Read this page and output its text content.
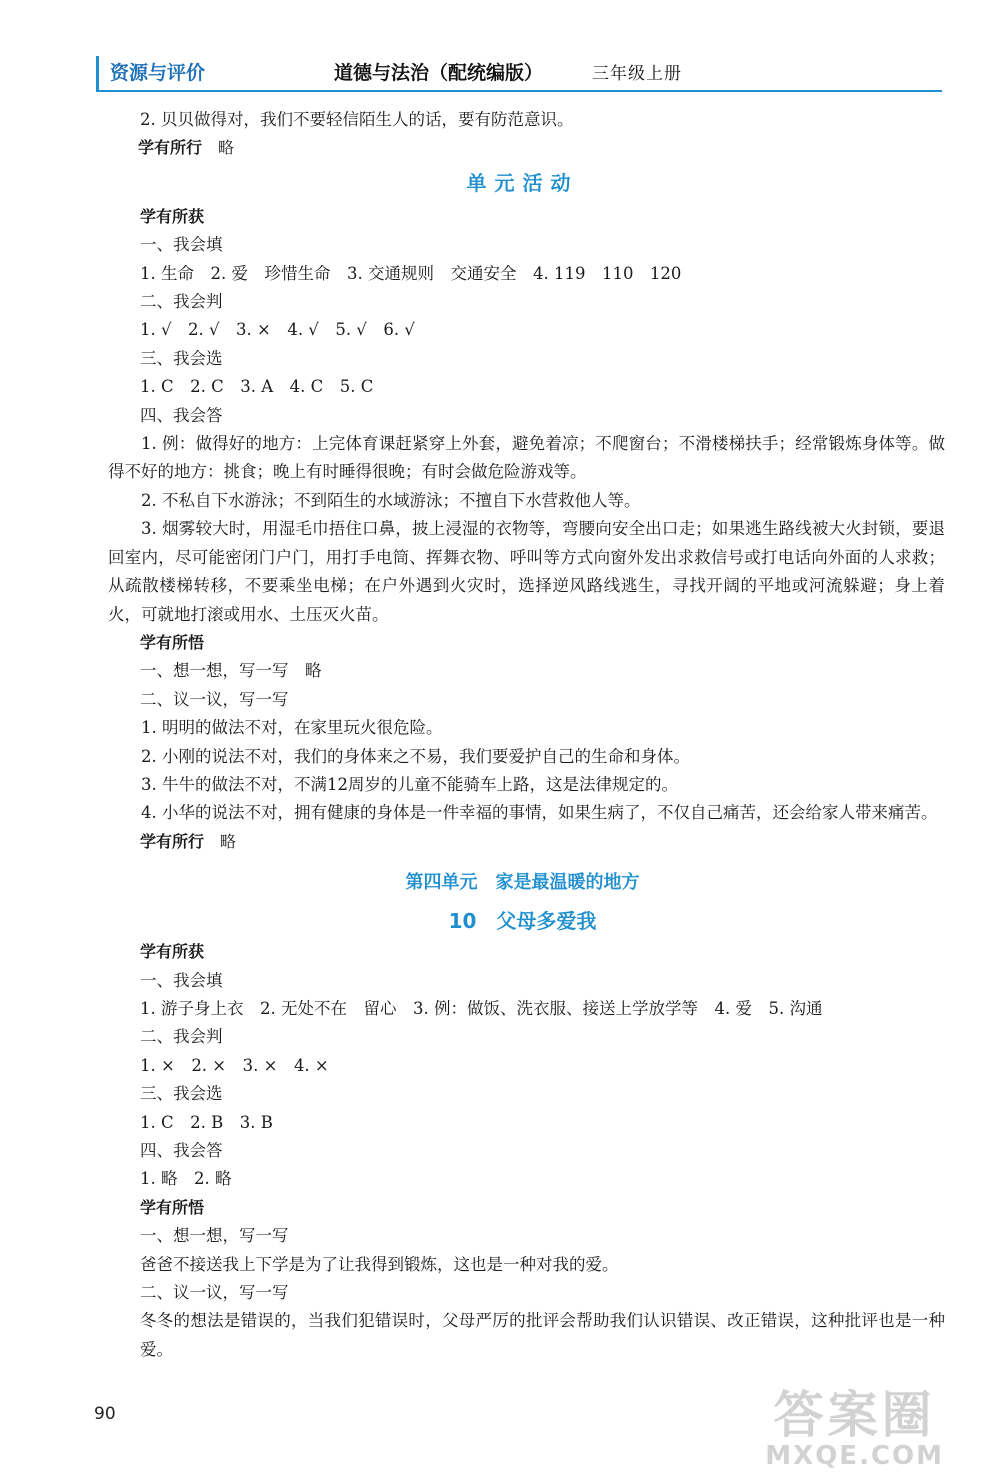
资源与评价	道德与法治（配统编版）	三年级上册
2. 贝贝做得对，我们不要轻信陌生人的话，要有防范意识。
学有所行 略
单元活动
学有所获
一、我会填
1. 生命　2. 爱　珍惜生命　3. 交通规则　交通安全　4. 119　110　120
二、我会判
1. √　2. √　3. ×　4. √　5. √　6. √
三、我会选
1. C　2. C　3. A　4. C　5. C
四、我会答
1. 例：做得好的地方：上完体育课赶紧穿上外套，避免着凉；不爬窗台；不滑楼梯扶手；经常锻炼身体等。做得不好的地方：挑食；晚上有时睡得很晚；有时会做危险游戏等。
2. 不私自下水游泳；不到陌生的水域游泳；不擅自下水营救他人等。
3. 烟雾较大时，用湿毛巾捂住口鼻，披上浸湿的衣物等，弯腰向安全出口走；如果逃生路线被大火封锁，要退回室内，尽可能密闭门户门，用打手电筒、挥舞衣物、呼叫等方式向窗外发出求救信号或打电话向外面的人求救；从疏散楼梯转移，不要乘坐电梯；在户外遇到火灾时，选择逆风路线逃生，寻找开阔的平地或河流躲避；身上着火，可就地打滚或用水、土压灭火苗。
学有所悟
一、想一想，写一写　略
二、议一议，写一写
1. 明明的做法不对，在家里玩火很危险。
2. 小刚的说法不对，我们的身体来之不易，我们要爱护自己的生命和身体。
3. 牛牛的做法不对，不满12周岁的儿童不能骑车上路，这是法律规定的。
4. 小华的说法不对，拥有健康的身体是一件幸福的事情，如果生病了，不仅自己痛苦，还会给家人带来痛苦。
学有所行 略
第四单元　家是最温暖的地方
10　父母多爱我
学有所获
一、我会填
1. 游子身上衣　2. 无处不在　留心　3. 例：做饭、洗衣服、接送上学放学等　4. 爱　5. 沟通
二、我会判
1. ×　2. ×　3. ×　4. ×
三、我会选
1. C　2. B　3. B
四、我会答
1. 略　2. 略
学有所悟
一、想一想，写一写
爸爸不接送我上下学是为了让我得到锻炼，这也是一种对我的爱。
二、议一议，写一写
冬冬的想法是错误的，当我们犯错误时，父母严厉的批评会帮助我们认识错误、改正错误，这种批评也是一种爱。
90	答案圈
MXQE.COM
